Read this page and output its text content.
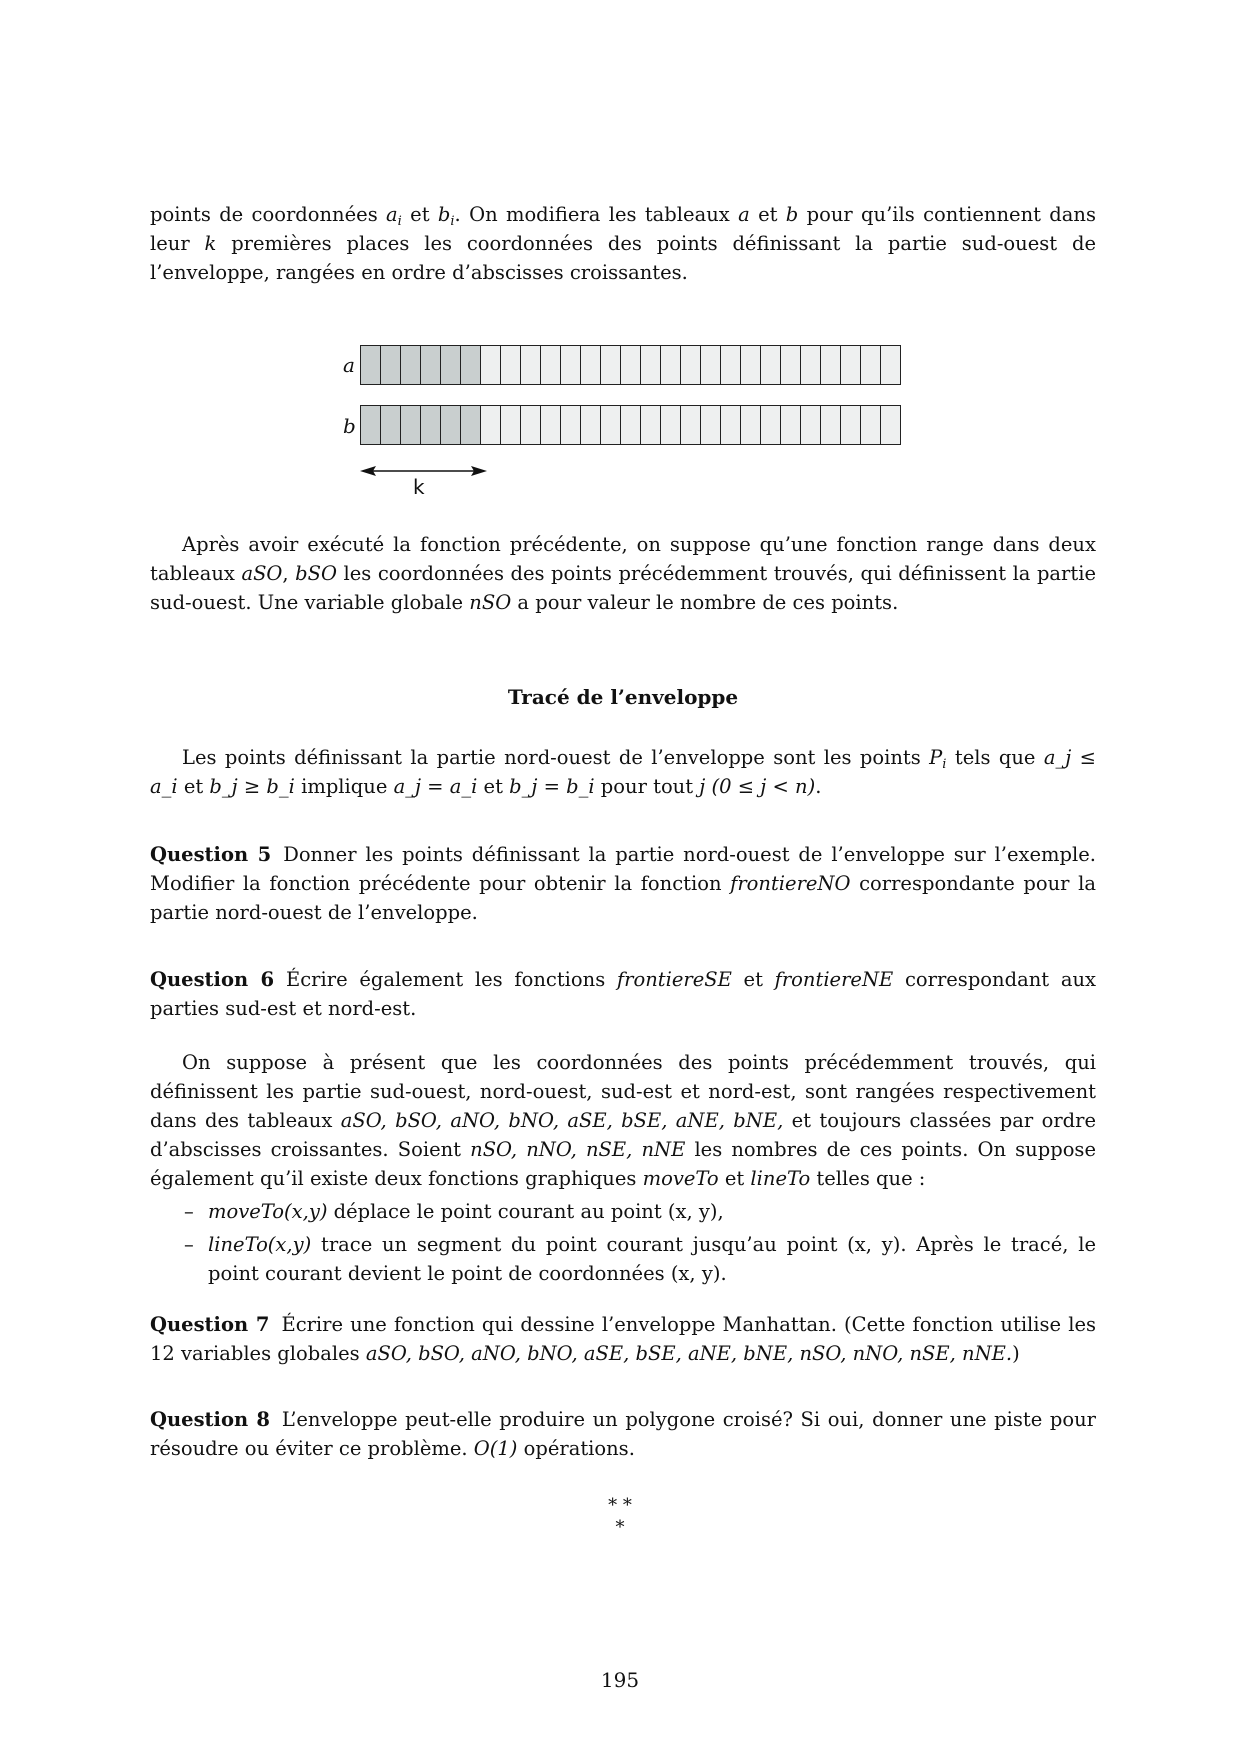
points de coordonnées $a_i$ et $b_i$. On modifiera les tableaux a et b pour qu’ils contiennent dans leur k premières places les coordonnées des points définissant la partie sud-ouest de l’enveloppe, rangées en ordre d’abscisses croissantes.

a
b
k

Après avoir exécuté la fonction précédente, on suppose qu’une fonction range dans deux tableaux aSO, bSO les coordonnées des points précédemment trouvés, qui définissent la partie sud-ouest. Une variable globale nSO a pour valeur le nombre de ces points.

Tracé de l’enveloppe

Les points définissant la partie nord-ouest de l’enveloppe sont les points $P_i$ tels que a_j ≤ a_i et b_j ≥ b_i implique a_j = a_i et b_j = b_i pour tout j (0 ≤ j < n).

Question 5 Donner les points définissant la partie nord-ouest de l’enveloppe sur l’exemple. Modifier la fonction précédente pour obtenir la fonction frontiereNO correspondante pour la partie nord-ouest de l’enveloppe.

Question 6 Écrire également les fonctions frontiereSE et frontiereNE correspondant aux parties sud-est et nord-est.

On suppose à présent que les coordonnées des points précédemment trouvés, qui définissent les partie sud-ouest, nord-ouest, sud-est et nord-est, sont rangées respectivement dans des tableaux aSO, bSO, aNO, bNO, aSE, bSE, aNE, bNE, et toujours classées par ordre d’abscisses croissantes. Soient nSO, nNO, nSE, nNE les nombres de ces points. On suppose également qu’il existe deux fonctions graphiques moveTo et lineTo telles que :

– moveTo(x,y) déplace le point courant au point (x, y),
– lineTo(x,y) trace un segment du point courant jusqu’au point (x, y). Après le tracé, le point courant devient le point de coordonnées (x, y).

Question 7 Écrire une fonction qui dessine l’enveloppe Manhattan. (Cette fonction utilise les 12 variables globales aSO, bSO, aNO, bNO, aSE, bSE, aNE, bNE, nSO, nNO, nSE, nNE.)

Question 8 L’enveloppe peut-elle produire un polygone croisé? Si oui, donner une piste pour résoudre ou éviter ce problème. O(1) opérations.

* *
*
195
